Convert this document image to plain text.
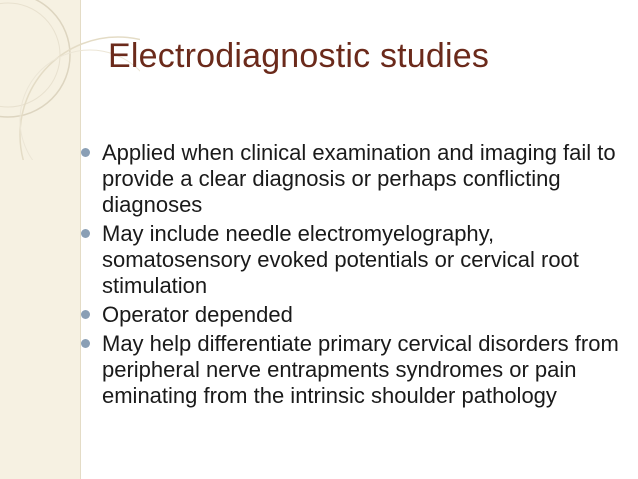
Electrodiagnostic studies
Applied when clinical examination and imaging fail to provide a clear diagnosis or perhaps conflicting diagnoses
May include needle electromyelography, somatosensory evoked potentials or cervical root stimulation
Operator depended
May help differentiate primary cervical disorders from peripheral nerve entrapments syndromes or pain eminating from the intrinsic shoulder pathology
